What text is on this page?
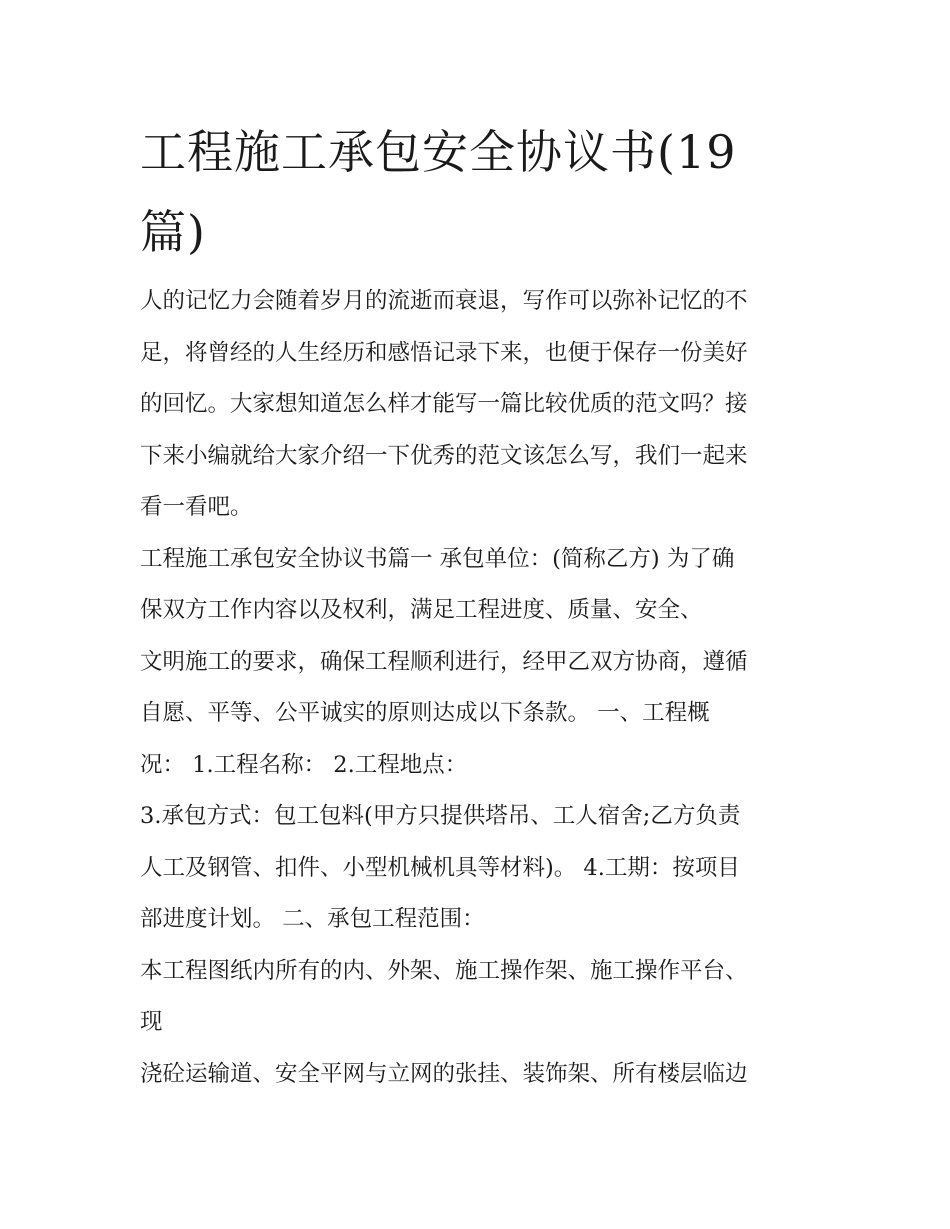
工程施工承包安全协议书(19
篇)
人的记忆力会随着岁月的流逝而衰退，写作可以弥补记忆的不
足，将曾经的人生经历和感悟记录下来，也便于保存一份美好
的回忆。大家想知道怎么样才能写一篇比较优质的范文吗？接
下来小编就给大家介绍一下优秀的范文该怎么写，我们一起来
看一看吧。
工程施工承包安全协议书篇一 承包单位：(简称乙方) 为了确
保双方工作内容以及权利，满足工程进度、质量、安全、
文明施工的要求，确保工程顺利进行，经甲乙双方协商，遵循
自愿、平等、公平诚实的原则达成以下条款。 一、工程概
况： 1.工程名称： 2.工程地点：
3.承包方式：包工包料(甲方只提供塔吊、工人宿舍;乙方负责
人工及钢管、扣件、小型机械机具等材料)。 4.工期：按项目
部进度计划。 二、承包工程范围：
本工程图纸内所有的内、外架、施工操作架、施工操作平台、
现
浇砼运输道、安全平网与立网的张挂、装饰架、所有楼层临边
